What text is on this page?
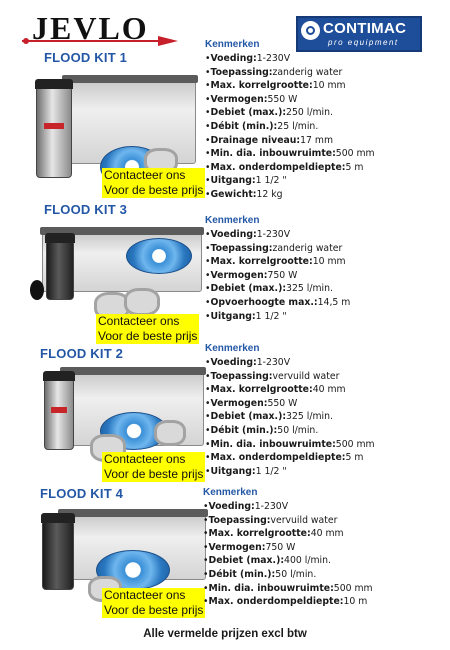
JEVLO	CONTIMAC
pro equipment
FLOOD KIT 1
Contacteer ons
Voor de beste prijs
Kenmerken
•Voeding:1-230V
•Toepassing:zanderig water
•Max. korrelgrootte:10 mm
•Vermogen:550 W
•Debiet (max.):250 l/min.
•Débit (min.):25 l/min.
•Drainage niveau:17 mm
•Min. dia. inbouwruimte:500 mm
•Max. onderdompeldiepte:5 m
•Uitgang:1 1/2 "
•Gewicht:12 kg
FLOOD KIT 3
Contacteer ons
Voor de beste prijs
Kenmerken
•Voeding:1-230V
•Toepassing:zanderig water
•Max. korrelgrootte:10 mm
•Vermogen:750 W
•Debiet (max.):325 l/min.
•Opvoerhoogte max.:14,5 m
•Uitgang:1 1/2 "
FLOOD KIT 2
Contacteer ons
Voor de beste prijs
Kenmerken
•Voeding:1-230V
•Toepassing:vervuild water
•Max. korrelgrootte:40 mm
•Vermogen:550 W
•Debiet (max.):325 l/min.
•Débit (min.):50 l/min.
•Min. dia. inbouwruimte:500 mm
•Max. onderdompeldiepte:5 m
•Uitgang:1 1/2 "
FLOOD KIT 4
Contacteer ons
Voor de beste prijs
Kenmerken
•Voeding:1-230V
•Toepassing:vervuild water
•Max. korrelgrootte:40 mm
•Vermogen:750 W
•Debiet (max.):400 l/min.
•Débit (min.):50 l/min.
•Min. dia. inbouwruimte:500 mm
•Max. onderdompeldiepte:10 m
Alle vermelde prijzen excl btw
